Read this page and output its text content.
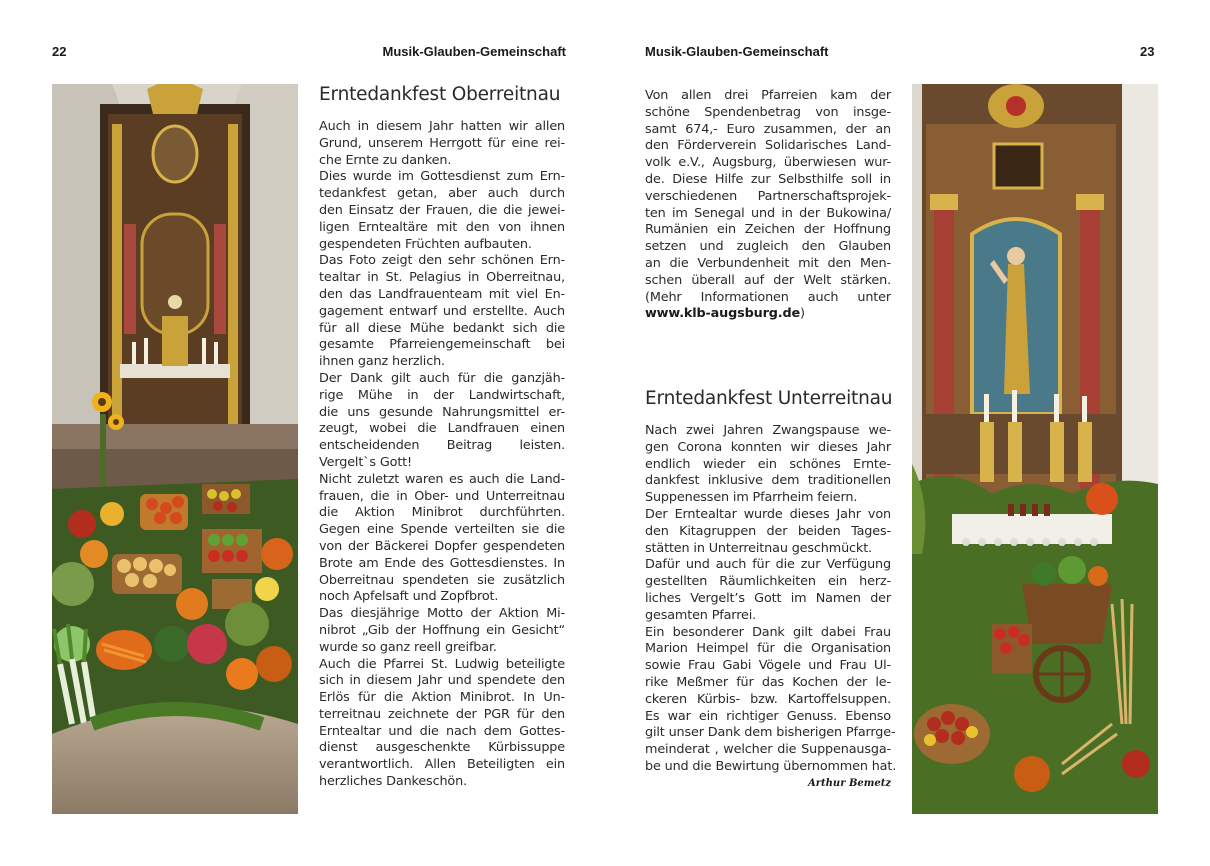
22	Musik-Glauben-Gemeinschaft	Musik-Glauben-Gemeinschaft	23
Erntedankfest Oberreitnau

Auch in diesem Jahr hatten wir allen
Grund, unserem Herrgott für eine rei-
che Ernte zu danken.
Dies wurde im Gottesdienst zum Ern-
tedankfest getan, aber auch durch
den Einsatz der Frauen, die die jewei-
ligen Erntealtäre mit den von ihnen
gespendeten Früchten aufbauten.
Das Foto zeigt den sehr schönen Ern-
tealtar in St. Pelagius in Oberreitnau,
den das Landfrauenteam mit viel En-
gagement entwarf und erstellte. Auch
für all diese Mühe bedankt sich die
gesamte Pfarreiengemeinschaft bei
ihnen ganz herzlich.
Der Dank gilt auch für die ganzjäh-
rige Mühe in der Landwirtschaft,
die uns gesunde Nahrungsmittel er-
zeugt, wobei die Landfrauen einen
entscheidenden Beitrag leisten.
Vergelt`s Gott!
Nicht zuletzt waren es auch die Land-
frauen, die in Ober- und Unterreitnau
die Aktion Minibrot durchführten.
Gegen eine Spende verteilten sie die
von der Bäckerei Dopfer gespendeten
Brote am Ende des Gottesdienstes. In
Oberreitnau spendeten sie zusätzlich
noch Apfelsaft und Zopfbrot.
Das diesjährige Motto der Aktion Mi-
nibrot „Gib der Hoffnung ein Gesicht“
wurde so ganz reell greifbar.
Auch die Pfarrei St. Ludwig beteiligte
sich in diesem Jahr und spendete den
Erlös für die Aktion Minibrot. In Un-
terreitnau zeichnete der PGR für den
Erntealtar und die nach dem Gottes-
dienst ausgeschenkte Kürbissuppe
verantwortlich. Allen Beteiligten ein
herzliches Dankeschön.

Von allen drei Pfarreien kam der
schöne Spendenbetrag von insge-
samt 674,- Euro zusammen, der an
den Förderverein Solidarisches Land-
volk e.V., Augsburg, überwiesen wur-
de. Diese Hilfe zur Selbsthilfe soll in
verschiedenen Partnerschaftsprojek-
ten im Senegal und in der Bukowina/
Rumänien ein Zeichen der Hoffnung
setzen und zugleich den Glauben
an die Verbundenheit mit den Men-
schen überall auf der Welt stärken.
(Mehr Informationen auch unter

www.klb-augsburg.de)

Erntedankfest Unterreitnau

Nach zwei Jahren Zwangspause we-
gen Corona konnten wir dieses Jahr
endlich wieder ein schönes Ernte-
dankfest inklusive dem traditionellen
Suppenessen im Pfarrheim feiern.
Der Erntealtar wurde dieses Jahr von
den Kitagruppen der beiden Tages-
stätten in Unterreitnau geschmückt.
Dafür und auch für die zur Verfügung
gestellten Räumlichkeiten ein herz-
liches Vergelt’s Gott im Namen der
gesamten Pfarrei.
Ein besonderer Dank gilt dabei Frau
Marion Heimpel für die Organisation
sowie Frau Gabi Vögele und Frau Ul-
rike Meßmer für das Kochen der le-
ckeren Kürbis- bzw. Kartoffelsuppen.
Es war ein richtiger Genuss. Ebenso
gilt unser Dank dem bisherigen Pfarrge-
meinderat , welcher die Suppenausga-
be und die Bewirtung übernommen hat.

Arthur Bemetz
